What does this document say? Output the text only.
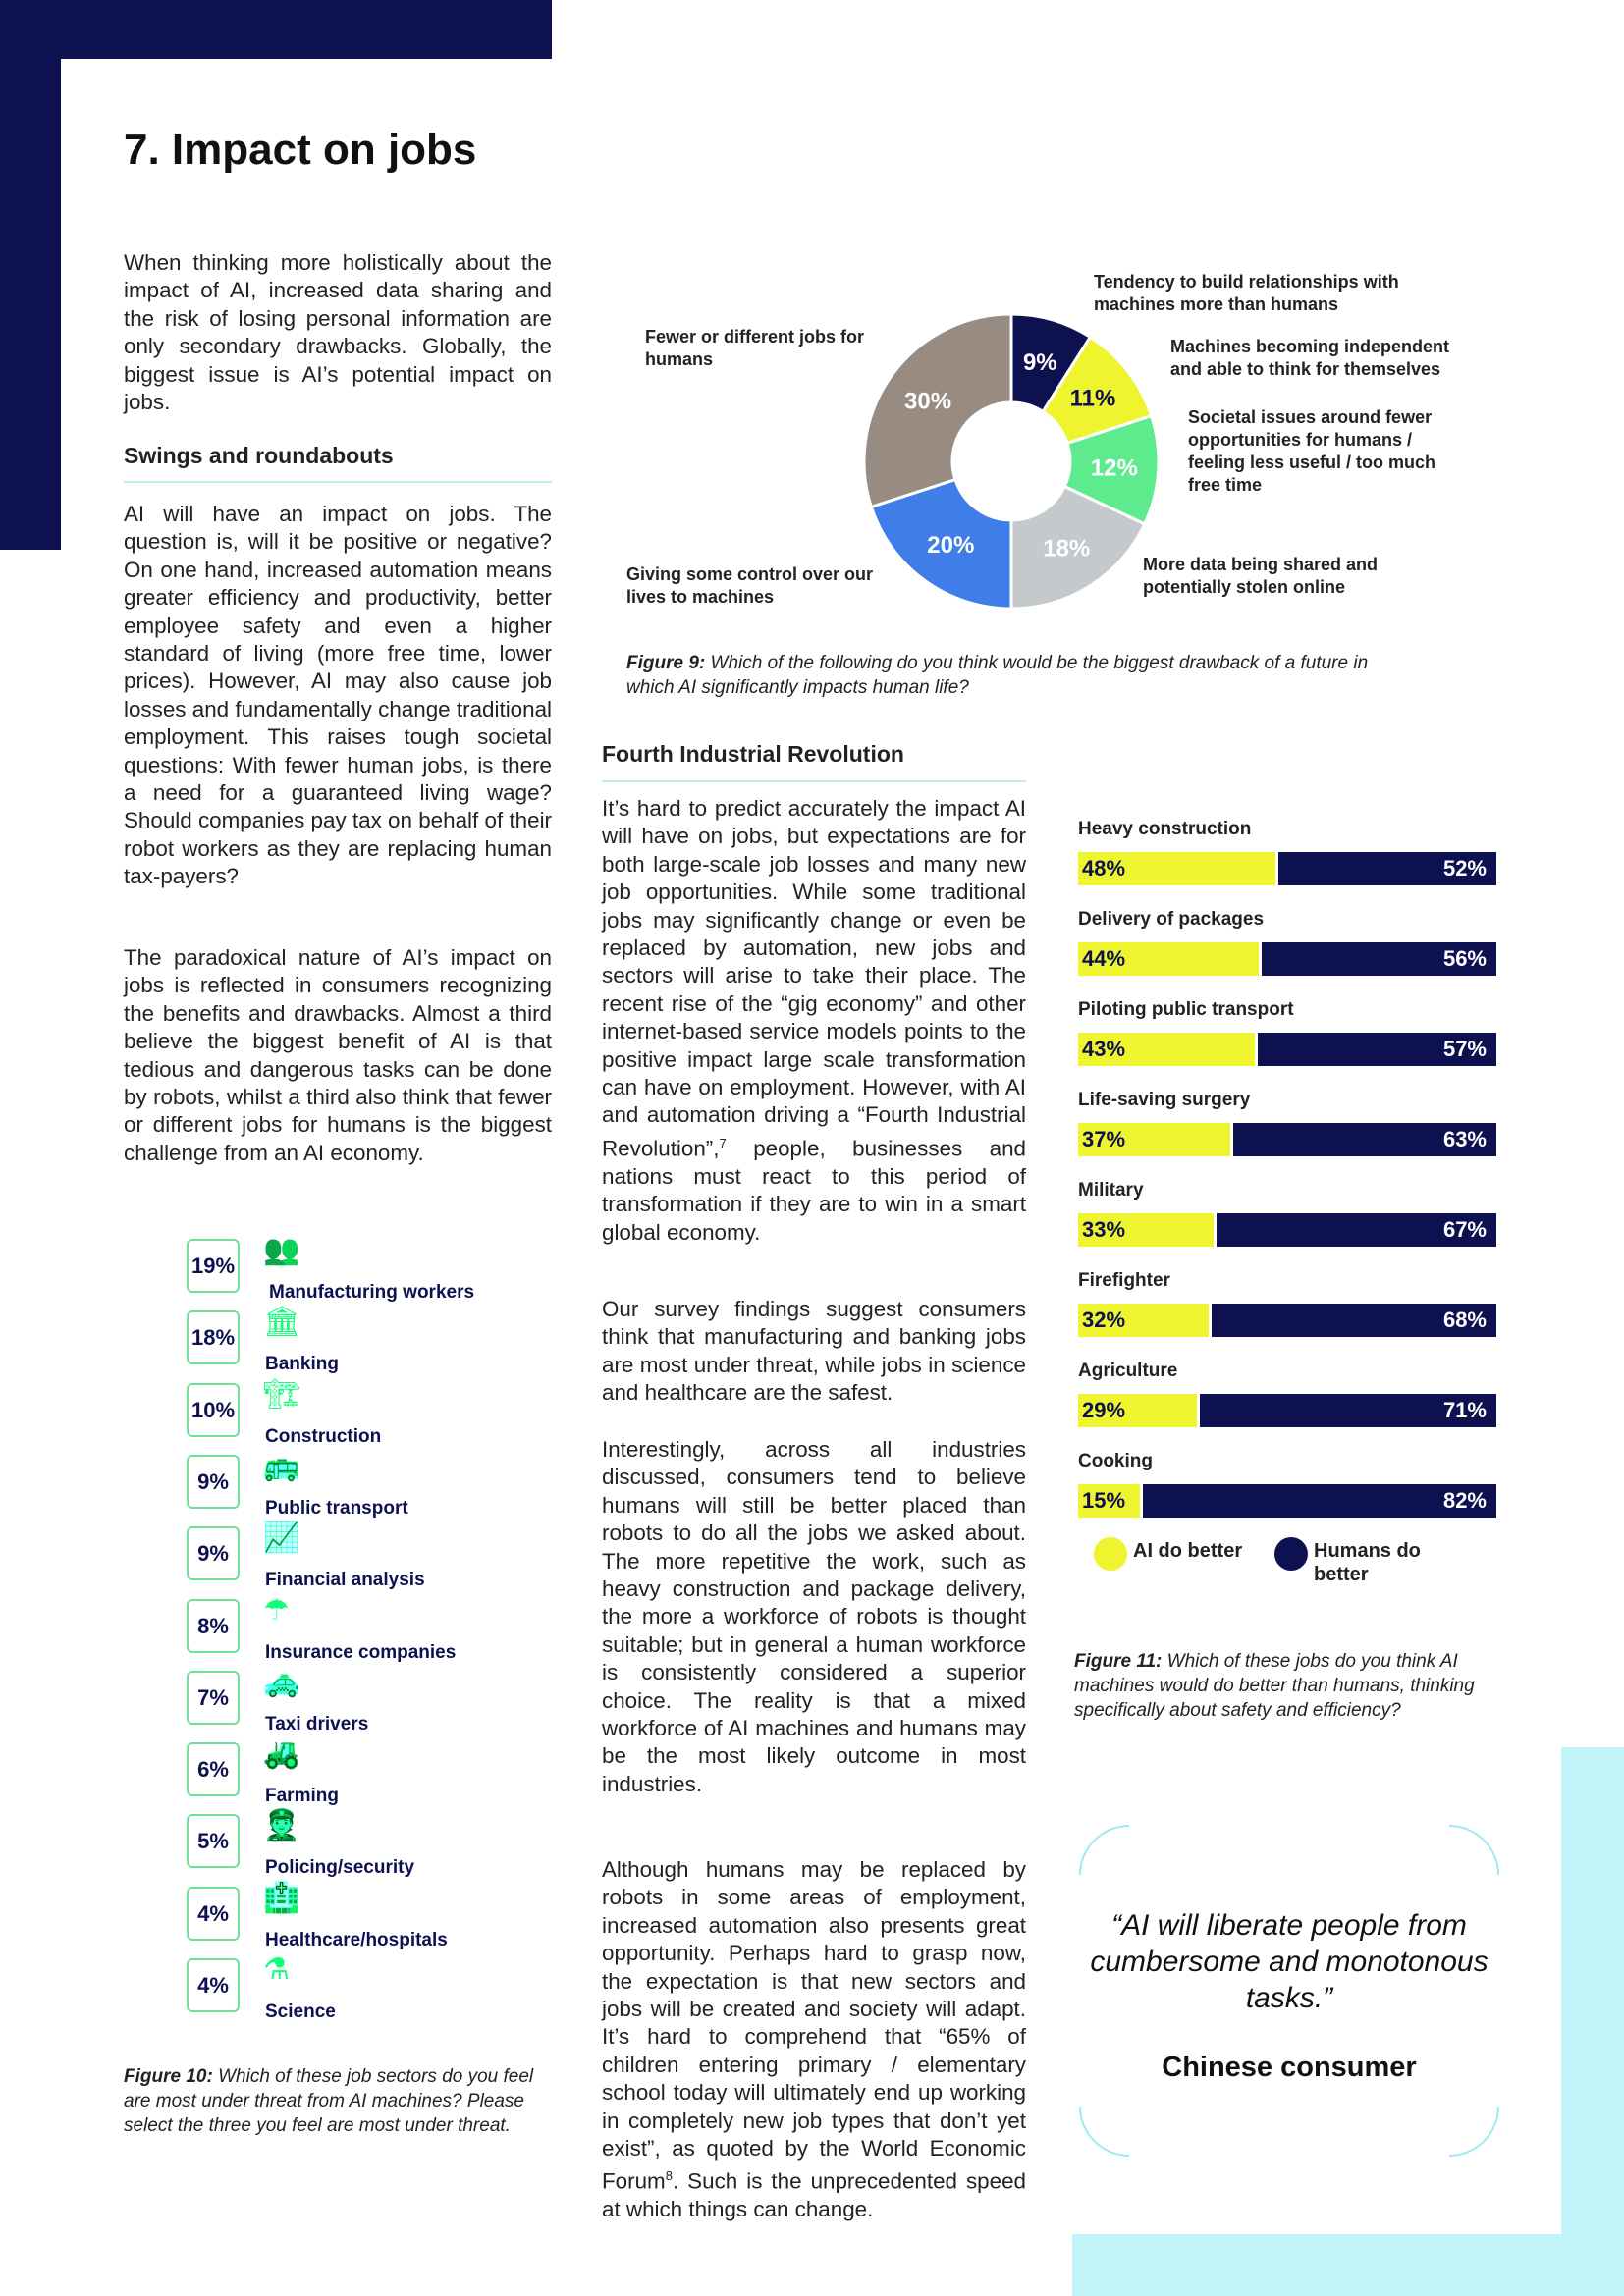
7. Impact on jobs

When thinking more holistically about the impact of AI, increased data sharing and the risk of losing personal information are only secondary drawbacks. Globally, the biggest issue is AI’s potential impact on jobs.

Swings and roundabouts

AI will have an impact on jobs. The question is, will it be positive or negative? On one hand, increased automation means greater efficiency and productivity, better employee safety and even a higher standard of living (more free time, lower prices). However, AI may also cause job losses and fundamentally change traditional employment. This raises tough societal questions: With fewer human jobs, is there a need for a guaranteed living wage? Should companies pay tax on behalf of their robot workers as they are replacing human tax-payers?

The paradoxical nature of AI’s impact on jobs is reflected in consumers recognizing the benefits and drawbacks. Almost a third believe the biggest benefit of AI is that tedious and dangerous tasks can be done by robots, whilst a third also think that fewer or different jobs for humans is the biggest challenge from an AI economy.

19% 👥
Manufacturing workers
18% 🏛
Banking
10% 🏗
Construction
9%	🚌
Public transport
9%	📈
Financial analysis
8%	☂
Insurance companies
7%	🚕
Taxi drivers
6%	🚜
Farming
5%	👮
Policing/security
4%	🏥
Healthcare/hospitals
4%	⚗
Science

Figure 10: Which of these job sectors do you feel are most under threat from AI machines? Please select the three you feel are most under threat.

9%
11%
12%
18%
20%
30%
Tendency to build relationships with machines more than humans
Machines becoming independent and able to think for themselves
Societal issues around fewer opportunities for humans / feeling less useful / too much free time
More data being shared and potentially stolen online
Giving some control over our lives to machines
Fewer or different jobs for humans

Figure 9: Which of the following do you think would be the biggest drawback of a future in which AI significantly impacts human life?

Fourth Industrial Revolution

It’s hard to predict accurately the impact AI will have on jobs, but expectations are for both large-scale job losses and many new job opportunities. While some traditional jobs may significantly change or even be replaced by automation, new jobs and sectors will arise to take their place. The recent rise of the “gig economy” and other internet-based service models points to the positive impact large scale transformation can have on employment. However, with AI and automation driving a “Fourth Industrial Revolution”,$^7$ people, businesses and nations must react to this period of transformation if they are to win in a smart global economy.

Our survey findings suggest consumers think that manufacturing and banking jobs are most under threat, while jobs in science and healthcare are the safest.

Interestingly, across all industries discussed, consumers tend to believe humans will still be better placed than robots to do all the jobs we asked about. The more repetitive the work, such as heavy construction and package delivery, the more a workforce of robots is thought suitable; but in general a human workforce is consistently considered a superior choice. The reality is that a mixed workforce of AI machines and humans may be the most likely outcome in most industries.

Although humans may be replaced by robots in some areas of employment, increased automation also presents great opportunity. Perhaps hard to grasp now, the expectation is that new sectors and jobs will be created and society will adapt. It’s hard to comprehend that “65% of children entering primary / elementary school today will ultimately end up working in completely new job types that don’t yet exist”, as quoted by the World Economic Forum$^8$. Such is the unprecedented speed at which things can change.

Heavy construction
48%	52%
Delivery of packages
44%	56%
Piloting public transport
43%	57%
Life-saving surgery
37%	63%
Military
33%	67%
Firefighter
32%	68%
Agriculture
29%	71%
Cooking
15%	82%
AI do better	Humans do better

Figure 11: Which of these jobs do you think AI machines would do better than humans, thinking specifically about safety and efficiency?

“AI will liberate people from cumbersome and monotonous tasks.”
Chinese consumer
